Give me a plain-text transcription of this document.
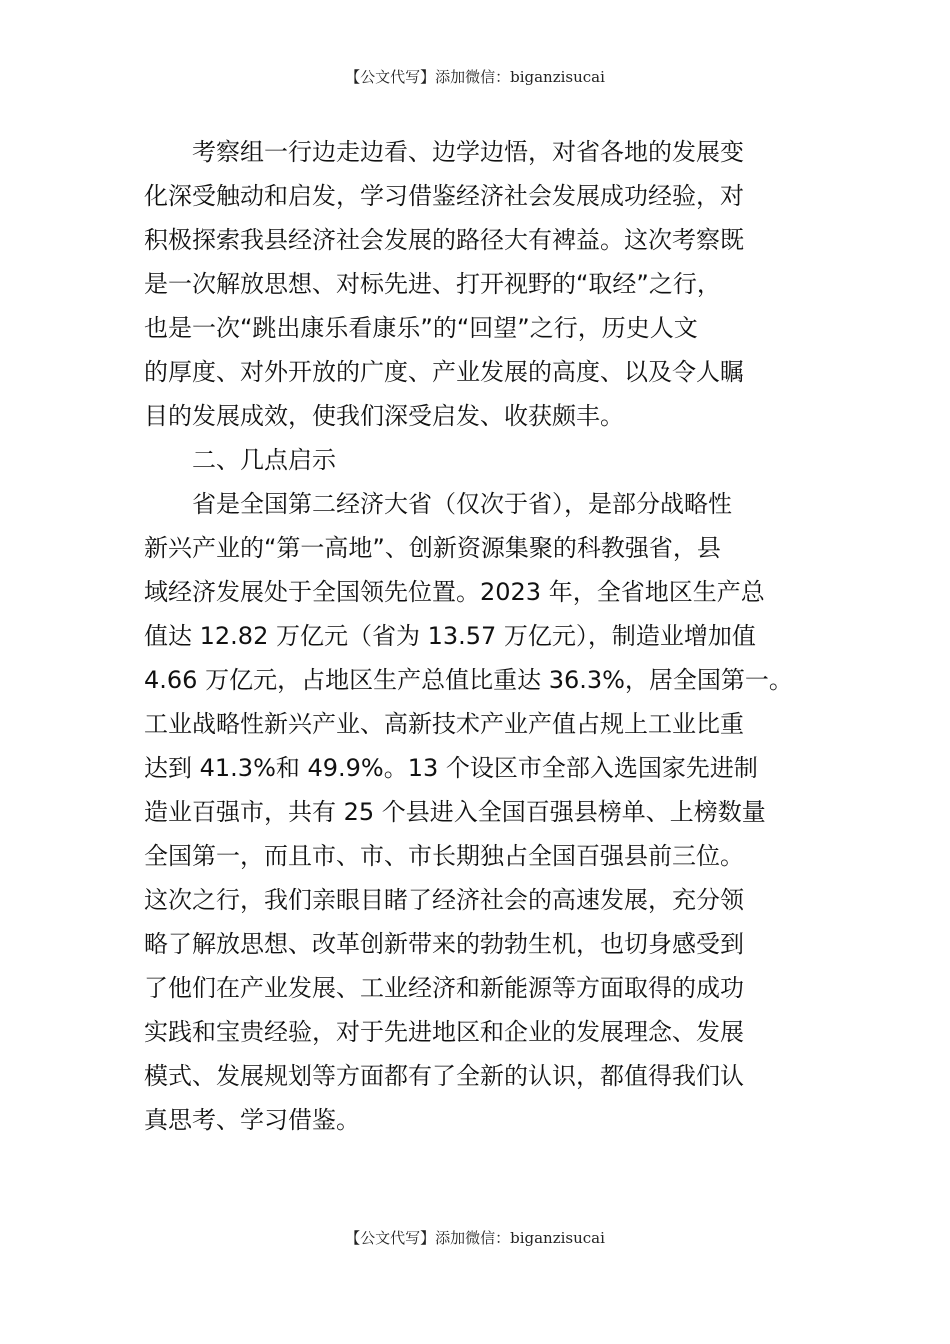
【公文代写】添加微信：biganzisucai
考察组一行边走边看、边学边悟，对省各地的发展变
化深受触动和启发，学习借鉴经济社会发展成功经验，对
积极探索我县经济社会发展的路径大有裨益。这次考察既
是一次解放思想、对标先进、打开视野的“取经”之行，
也是一次“跳出康乐看康乐”的“回望”之行，历史人文
的厚度、对外开放的广度、产业发展的高度、以及令人瞩
目的发展成效，使我们深受启发、收获颇丰。
二、几点启示
省是全国第二经济大省（仅次于省），是部分战略性
新兴产业的“第一高地”、创新资源集聚的科教强省，县
域经济发展处于全国领先位置。2023 年，全省地区生产总
值达 12.82 万亿元（省为 13.57 万亿元），制造业增加值
4.66 万亿元，占地区生产总值比重达 36.3%，居全国第一。
工业战略性新兴产业、高新技术产业产值占规上工业比重
达到 41.3%和 49.9%。13 个设区市全部入选国家先进制
造业百强市，共有 25 个县进入全国百强县榜单、上榜数量
全国第一，而且市、市、市长期独占全国百强县前三位。
这次之行，我们亲眼目睹了经济社会的高速发展，充分领
略了解放思想、改革创新带来的勃勃生机，也切身感受到
了他们在产业发展、工业经济和新能源等方面取得的成功
实践和宝贵经验，对于先进地区和企业的发展理念、发展
模式、发展规划等方面都有了全新的认识，都值得我们认
真思考、学习借鉴。
【公文代写】添加微信：biganzisucai
